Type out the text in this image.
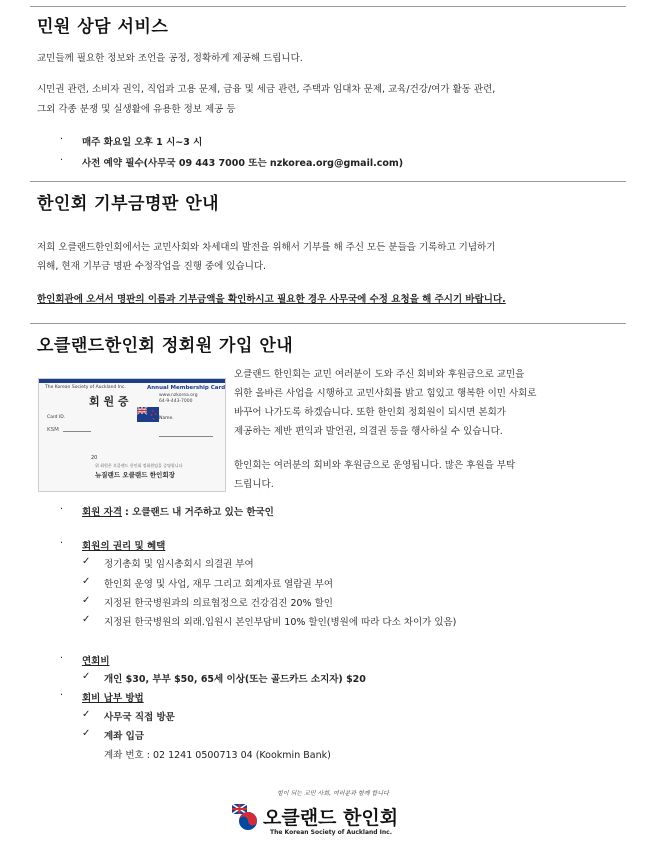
민원 상담 서비스
교민들께 필요한 정보와 조언을 공정, 정확하게 제공해 드립니다.
시민권 관련, 소비자 권익, 직업과 고용 문제, 금융 및 세금 관련, 주택과 임대차 문제, 교육/건강/여가 활동 관련,
그외 각종 분쟁 및 실생활에 유용한 정보 제공 등
· 매주 화요일 오후 1 시~3 시
· 사전 예약 필수(사무국 09 443 7000 또는 nzkorea.org@gmail.com)
한인회 기부금명판 안내
저희 오클랜드한인회에서는 교민사회와 차세대의 발전을 위해서 기부를 해 주신 모든 분들을 기록하고 기념하기
위해, 현재 기부금 명판 수정작업을 진행 중에 있습니다.
한인회관에 오셔서 명판의 이름과 기부금액을 확인하시고 필요한 경우 사무국에 수정 요청을 해 주시기 바랍니다.
오클랜드한인회 정회원 가입 안내
The Korean Society of Auckland Inc.	Annual Membership Card
www.nzkorea.org
64-9-443-7000
회 원 증
Card ID.
KSM
Name.
20
위 회원은 오클랜드 한인회 정회원임을 증명합니다
뉴질랜드 오클랜드 한인회장
오클랜드 한인회는 교민 여러분이 도와 주신 회비와 후원금으로 교민을
위한 올바른 사업을 시행하고 교민사회를 밝고 힘있고 행복한 이민 사회로
바꾸어 나가도록 하겠습니다. 또한 한인회 정회원이 되시면 본회가
제공하는 제반 편익과 발언권, 의결권 등을 행사하실 수 있습니다.
한인회는 여러분의 회비와 후원금으로 운영됩니다. 많은 후원을 부탁
드립니다.
· 회원 자격 : 오클랜드 내 거주하고 있는 한국인
· 회원의 권리 및 혜택
✓ 정기총회 및 임시총회시 의결권 부여
✓ 한인회 운영 및 사업, 재무 그리고 회계자료 열람권 부여
✓ 지정된 한국병원과의 의료협정으로 건강검진 20% 할인
✓ 지정된 한국병원의 외래.입원시 본인부담비 10% 할인(병원에 따라 다소 차이가 있음)
· 연회비
✓ 개인 $30, 부부 $50, 65세 이상(또는 골드카드 소지자) $20
· 회비 납부 방법
✓ 사무국 직접 방문
✓ 계좌 입금
계좌 번호 : 02 1241 0500713 04 (Kookmin Bank)
힘이 되는 교민 사회, 여러분과 함께 합니다
오클랜드 한인회
The Korean Society of Auckland Inc.
